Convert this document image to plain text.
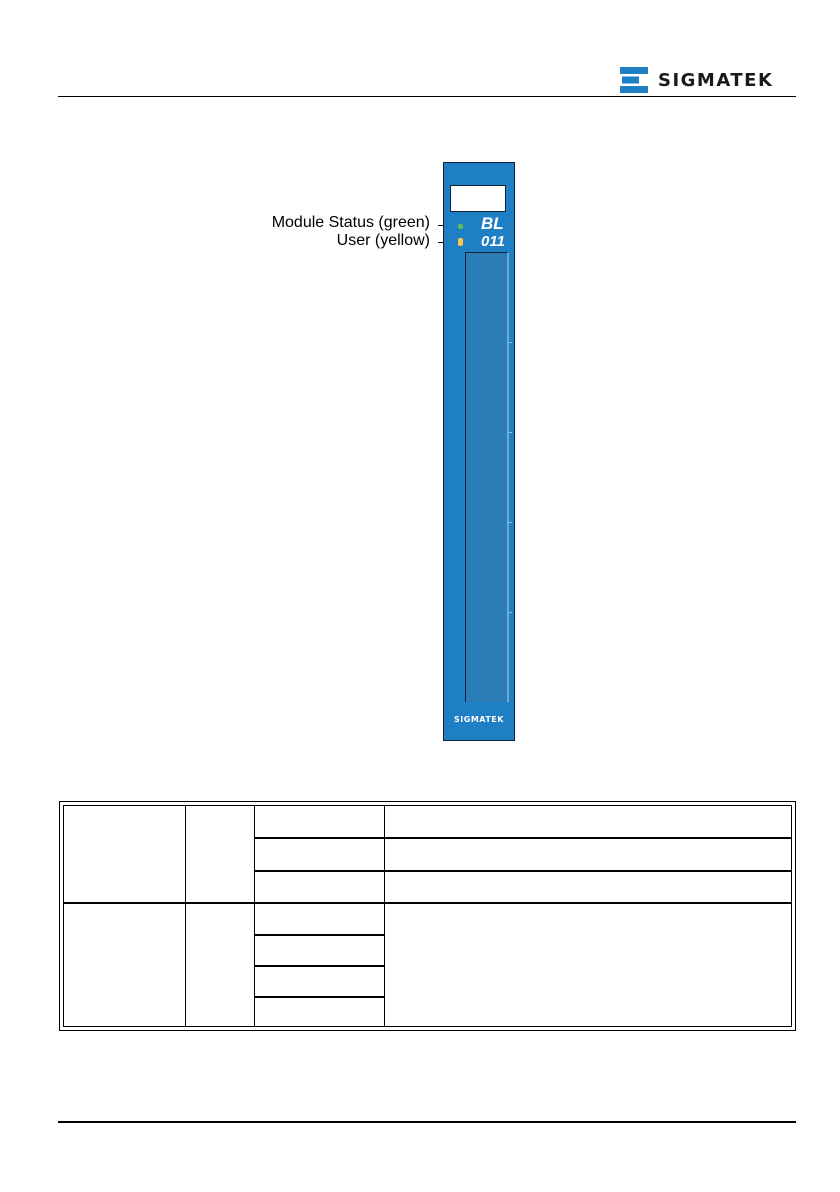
SIGMATEK
Module Status (green)
User (yellow)
BL
011
SIGMATEK
